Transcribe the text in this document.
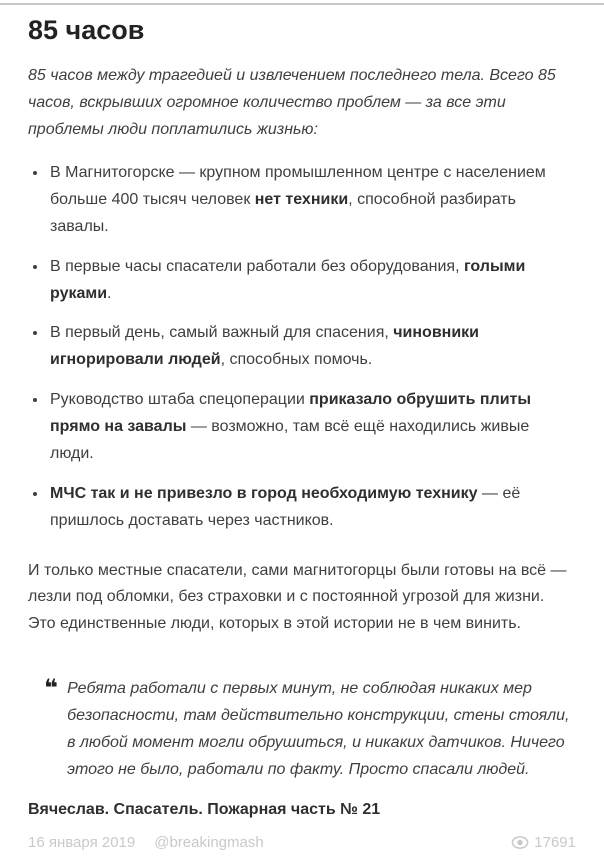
85 часов

85 часов между трагедией и извлечением последнего тела. Всего 85 часов, вскрывших огромное количество проблем — за все эти проблемы люди поплатились жизнью:

• В Магнитогорске — крупном промышленном центре с населением больше 400 тысяч человек нет техники, способной разбирать завалы.
• В первые часы спасатели работали без оборудования, голыми руками.
• В первый день, самый важный для спасения, чиновники игнорировали людей, способных помочь.
• Руководство штаба спецоперации приказало обрушить плиты прямо на завалы — возможно, там всё ещё находились живые люди.
• МЧС так и не привезло в город необходимую технику — её пришлось доставать через частников.

И только местные спасатели, сами магнитогорцы были готовы на всё — лезли под обломки, без страховки и с постоянной угрозой для жизни. Это единственные люди, которых в этой истории не в чем винить.

❝ Ребята работали с первых минут, не соблюдая никаких мер безопасности, там действительно конструкции, стены стояли, в любой момент могли обрушиться, и никаких датчиков. Ничего этого не было, работали по факту. Просто спасали людей.

Вячеслав. Спасатель. Пожарная часть № 21

16 января 2019 @breakingmash	17691
